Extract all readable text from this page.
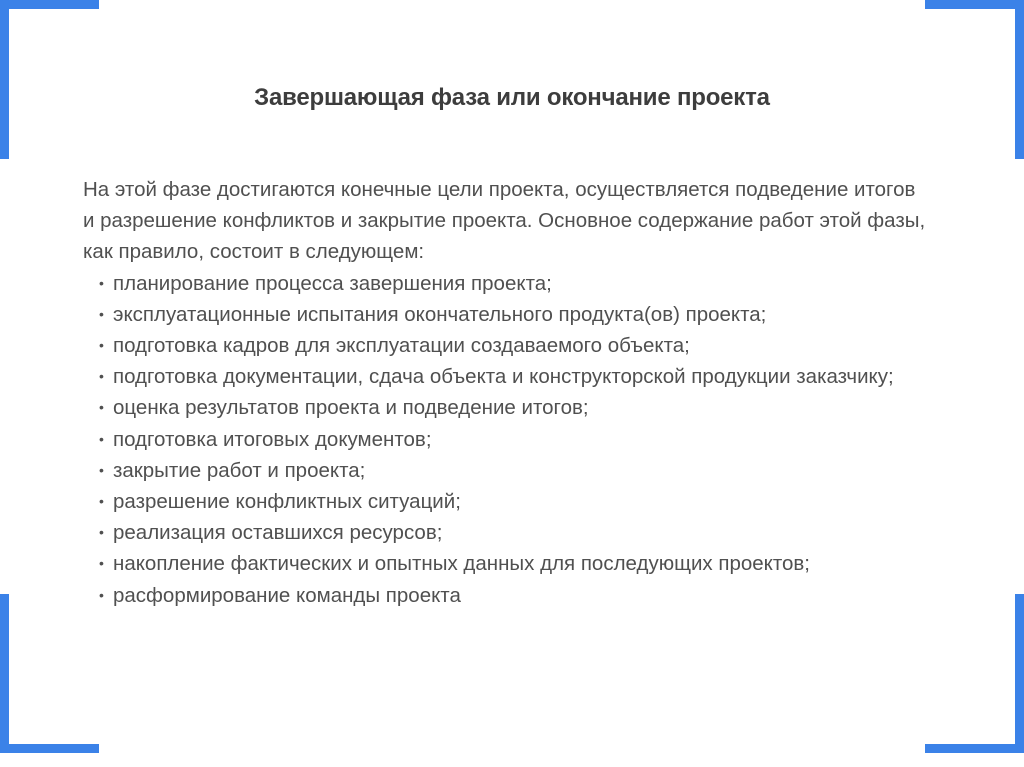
Завершающая фаза или окончание проекта

На этой фазе достигаются конечные цели проекта, осуществляется подведение итогов
и разрешение конфликтов и закрытие проекта. Основное содержание работ этой фазы,
как правило, состоит в следующем:

• планирование процесса завершения проекта;
• эксплуатационные испытания окончательного продукта(ов) проекта;
• подготовка кадров для эксплуатации создаваемого объекта;
• подготовка документации, сдача объекта и конструкторской продукции заказчику;
• оценка результатов проекта и подведение итогов;
• подготовка итоговых документов;
• закрытие работ и проекта;
• разрешение конфликтных ситуаций;
• реализация оставшихся ресурсов;
• накопление фактических и опытных данных для последующих проектов;
• расформирование команды проекта
